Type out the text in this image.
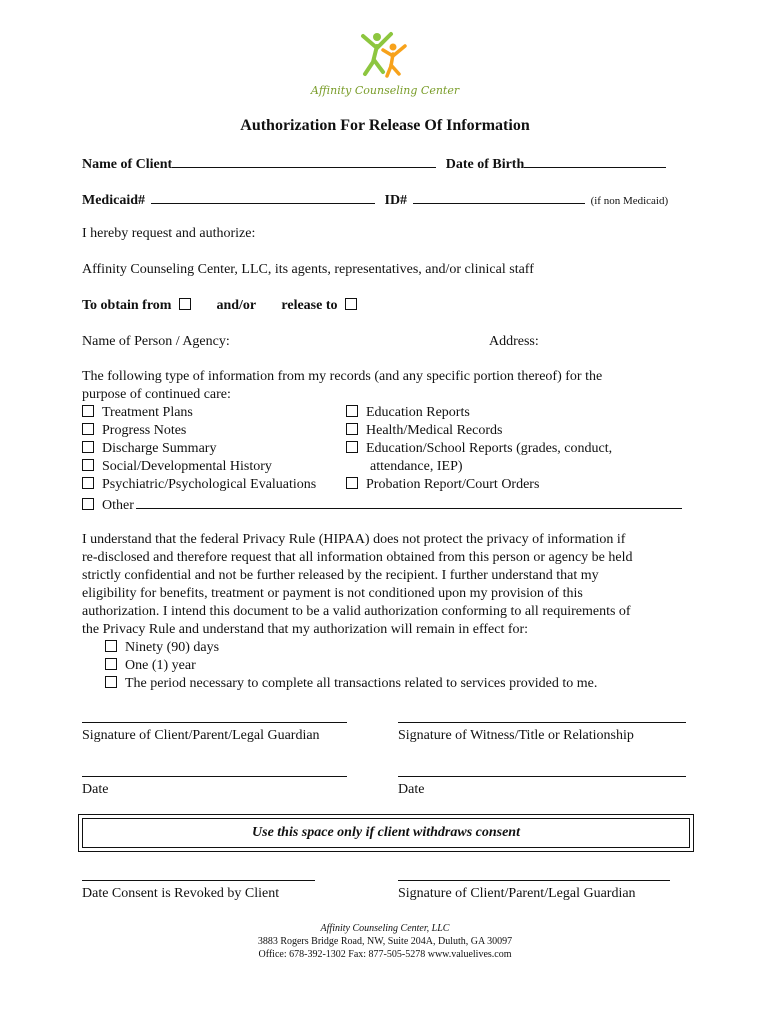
Affinity Counseling Center
Authorization For Release Of Information
Name of Client	Date of Birth
Medicaid#	ID#	(if non Medicaid)
I hereby request and authorize:
Affinity Counseling Center, LLC, its agents, representatives, and/or clinical staff
To obtain from	and/or release to
Name of Person / Agency:	Address:
The following type of information from my records (and any specific portion thereof) for the
purpose of continued care:
Treatment Plans
Progress Notes
Discharge Summary
Social/Developmental History
Psychiatric/Psychological Evaluations
Other
Education Reports
Health/Medical Records
Education/School Reports (grades, conduct,
attendance, IEP)
Probation Report/Court Orders
I understand that the federal Privacy Rule (HIPAA) does not protect the privacy of information if
re-disclosed and therefore request that all information obtained from this person or agency be held
strictly confidential and not be further released by the recipient. I further understand that my
eligibility for benefits, treatment or payment is not conditioned upon my provision of this
authorization. I intend this document to be a valid authorization conforming to all requirements of
the Privacy Rule and understand that my authorization will remain in effect for:
Ninety (90) days
One (1) year
The period necessary to complete all transactions related to services provided to me.
Signature of Client/Parent/Legal Guardian	Signature of Witness/Title or Relationship
Date	Date
Use this space only if client withdraws consent
Date Consent is Revoked by Client	Signature of Client/Parent/Legal Guardian
Affinity Counseling Center, LLC
3883 Rogers Bridge Road, NW, Suite 204A, Duluth, GA 30097
Office: 678-392-1302 Fax: 877-505-5278 www.valuelives.com
